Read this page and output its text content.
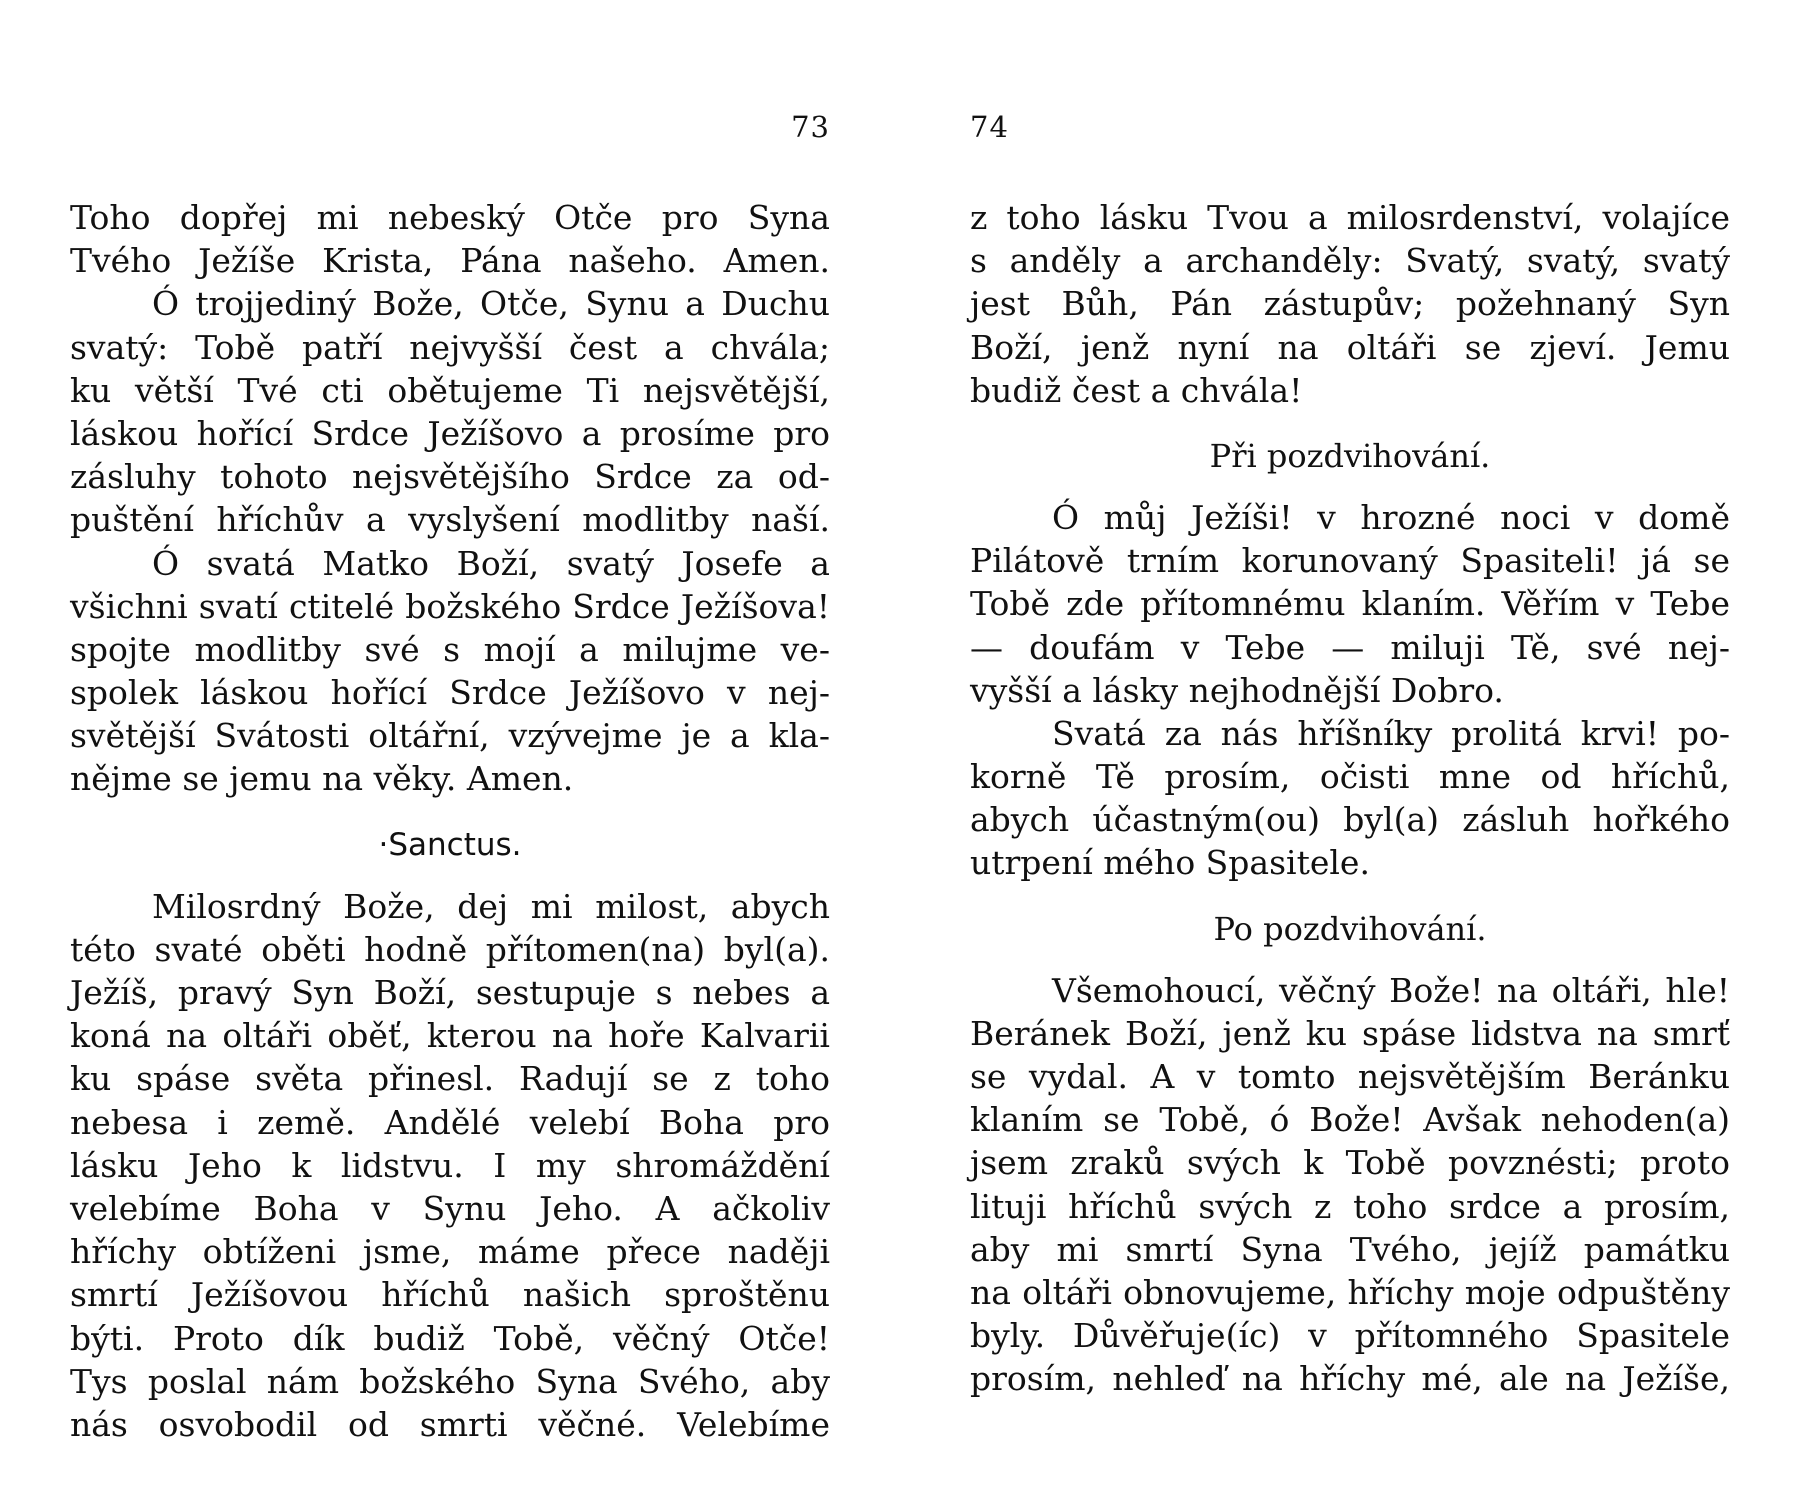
73
Toho dopřej mi nebeský Otče pro Syna
Tvého Ježíše Krista, Pána našeho. Amen.
Ó trojjediný Bože, Otče, Synu a Duchu
svatý: Tobě patří nejvyšší čest a chvála;
ku větší Tvé cti obětujeme Ti nejsvětější,
láskou hořící Srdce Ježíšovo a prosíme pro
zásluhy tohoto nejsvětějšího Srdce za od-
puštění hříchův a vyslyšení modlitby naší.
Ó svatá Matko Boží, svatý Josefe a
všichni svatí ctitelé božského Srdce Ježíšova!
spojte modlitby své s mojí a milujme ve-
spolek láskou hořící Srdce Ježíšovo v nej-
světější Svátosti oltářní, vzývejme je a kla-
nějme se jemu na věky. Amen.
·Sanctus.
Milosrdný Bože, dej mi milost, abych
této svaté oběti hodně přítomen(na) byl(a).
Ježíš, pravý Syn Boží, sestupuje s nebes a
koná na oltáři oběť, kterou na hoře Kalvarii
ku spáse světa přinesl. Radují se z toho
nebesa i země. Andělé velebí Boha pro
lásku Jeho k lidstvu. I my shromáždění
velebíme Boha v Synu Jeho. A ačkoliv
hříchy obtíženi jsme, máme přece naději
smrtí Ježíšovou hříchů našich sproštěnu
býti. Proto dík budiž Tobě, věčný Otče!
Tys poslal nám božského Syna Svého, aby
nás osvobodil od smrti věčné. Velebíme
74
z toho lásku Tvou a milosrdenství, volajíce
s anděly a archanděly: Svatý, svatý, svatý
jest Bůh, Pán zástupův; požehnaný Syn
Boží, jenž nyní na oltáři se zjeví. Jemu
budiž čest a chvála!
Při pozdvihování.
Ó můj Ježíši! v hrozné noci v domě
Pilátově trním korunovaný Spasiteli! já se
Tobě zde přítomnému klaním. Věřím v Tebe
— doufám v Tebe — miluji Tě, své nej-
vyšší a lásky nejhodnější Dobro.
Svatá za nás hříšníky prolitá krvi! po-
korně Tě prosím, očisti mne od hříchů,
abych účastným(ou) byl(a) zásluh hořkého
utrpení mého Spasitele.
Po pozdvihování.
Všemohoucí, věčný Bože! na oltáři, hle!
Beránek Boží, jenž ku spáse lidstva na smrť
se vydal. A v tomto nejsvětějším Beránku
klaním se Tobě, ó Bože! Avšak nehoden(a)
jsem zraků svých k Tobě povznésti; proto
lituji hříchů svých z toho srdce a prosím,
aby mi smrtí Syna Tvého, jejíž památku
na oltáři obnovujeme, hříchy moje odpuštěny
byly. Důvěřuje(íc) v přítomného Spasitele
prosím, nehleď na hříchy mé, ale na Ježíše,
